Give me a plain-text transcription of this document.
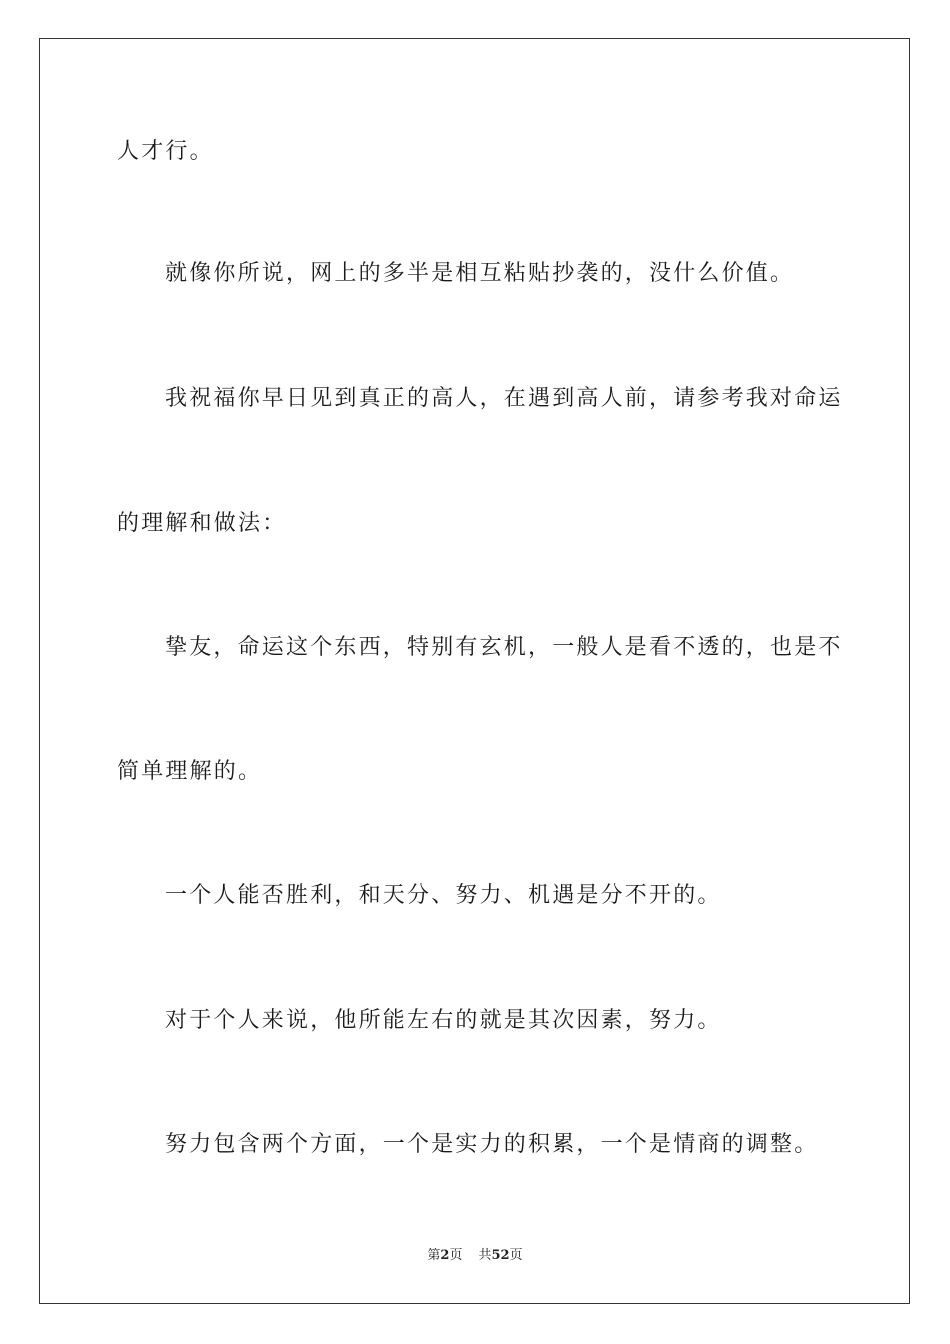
人才行。
就像你所说，网上的多半是相互粘贴抄袭的，没什么价值。
我祝福你早日见到真正的高人，在遇到高人前，请参考我对命运
的理解和做法：
挚友，命运这个东西，特别有玄机，一般人是看不透的，也是不
简单理解的。
一个人能否胜利，和天分、努力、机遇是分不开的。
对于个人来说，他所能左右的就是其次因素，努力。
努力包含两个方面，一个是实力的积累，一个是情商的调整。
第2页 共52页
